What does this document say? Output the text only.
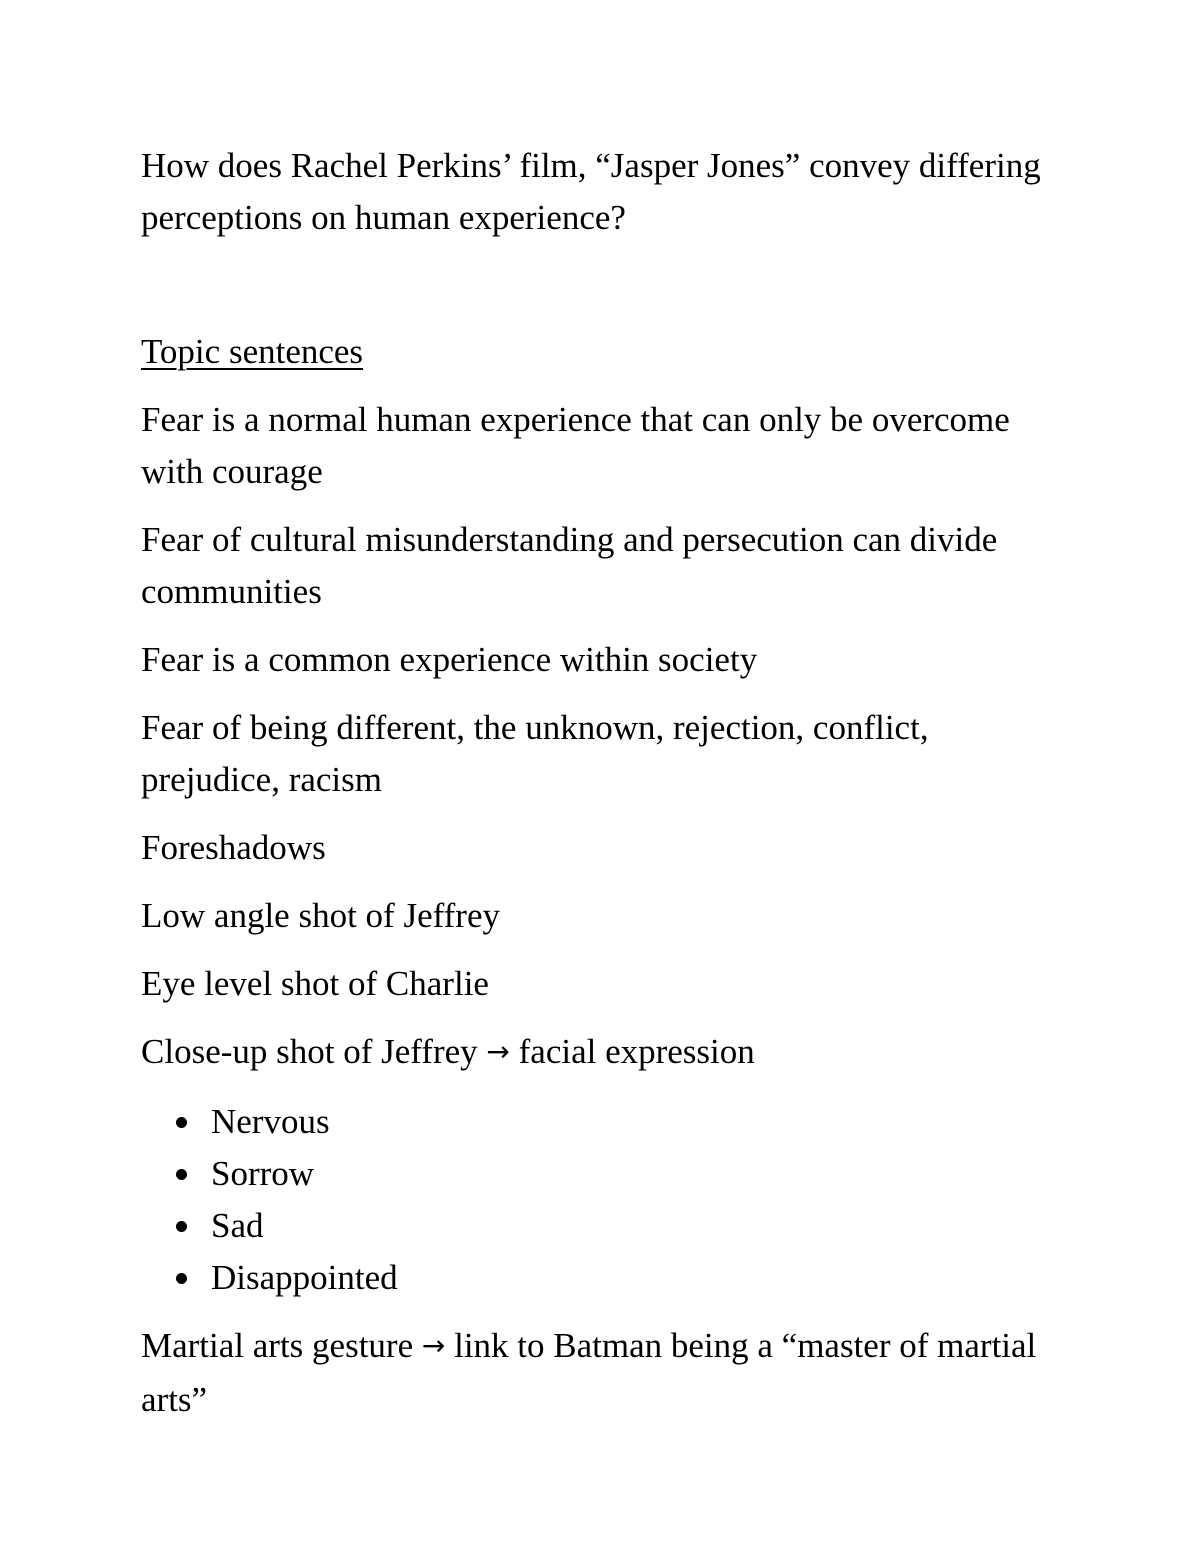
How does Rachel Perkins’ film, “Jasper Jones” convey differing perceptions on human experience?

Topic sentences

Fear is a normal human experience that can only be overcome with courage

Fear of cultural misunderstanding and persecution can divide communities

Fear is a common experience within society

Fear of being different, the unknown, rejection, conflict, prejudice, racism

Foreshadows

Low angle shot of Jeffrey

Eye level shot of Charlie

Close-up shot of Jeffrey → facial expression

Nervous
Sorrow
Sad
Disappointed

Martial arts gesture → link to Batman being a “master of martial arts”
